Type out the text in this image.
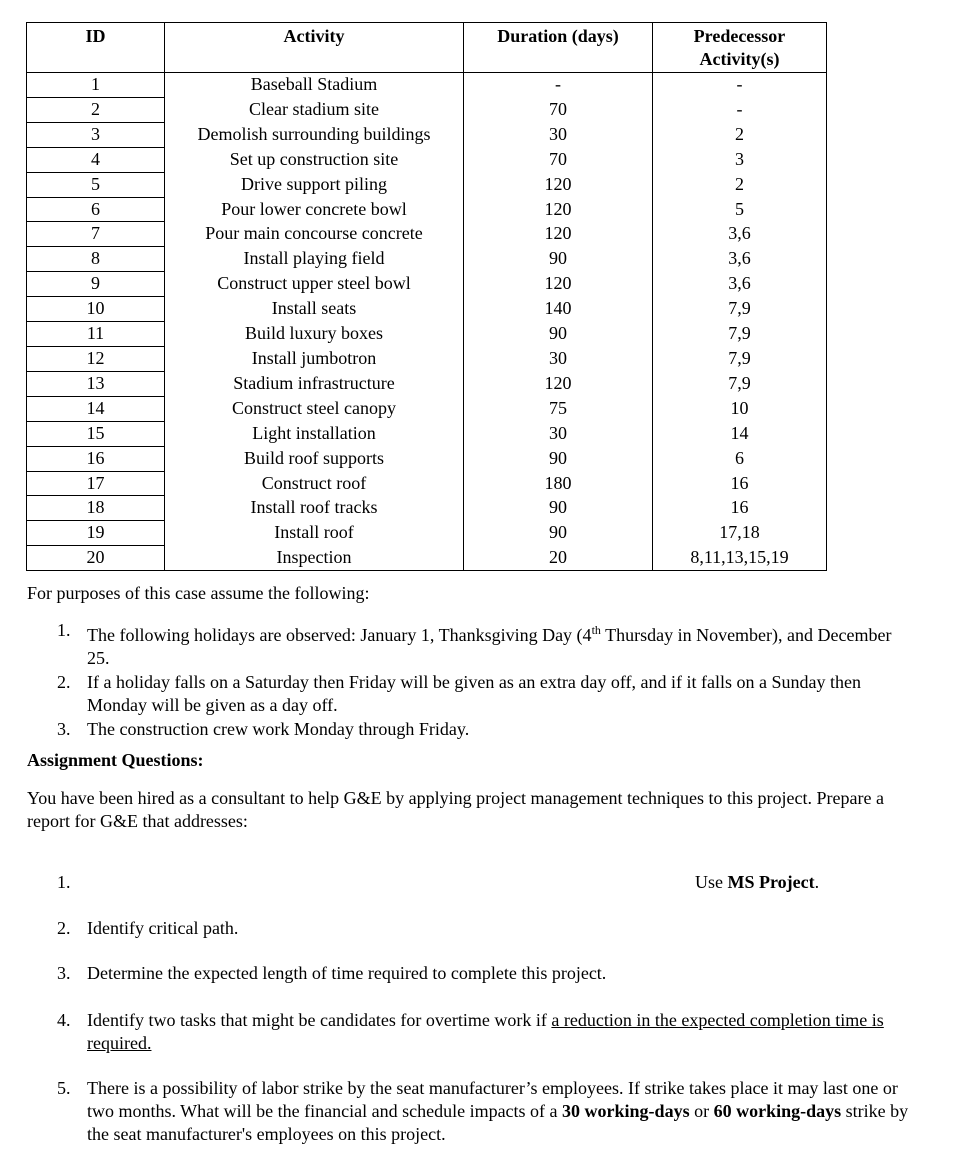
ID	Activity	Duration (days)	Predecessor Activity(s)
1	Baseball Stadium	-	-
2	Clear stadium site	70	-
3	Demolish surrounding buildings	30	2
4	Set up construction site	70	3
5	Drive support piling	120	2
6	Pour lower concrete bowl	120	5
7	Pour main concourse concrete	120	3,6
8	Install playing field	90	3,6
9	Construct upper steel bowl	120	3,6
10	Install seats	140	7,9
11	Build luxury boxes	90	7,9
12	Install jumbotron	30	7,9
13	Stadium infrastructure	120	7,9
14	Construct steel canopy	75	10
15	Light installation	30	14
16	Build roof supports	90	6
17	Construct roof	180	16
18	Install roof tracks	90	16
19	Install roof	90	17,18
20	Inspection	20	8,11,13,15,19

For purposes of this case assume the following:

1. The following holidays are observed: January 1, Thanksgiving Day (4th Thursday in November), and December 25.
2. If a holiday falls on a Saturday then Friday will be given as an extra day off, and if it falls on a Sunday then Monday will be given as a day off.
3. The construction crew work Monday through Friday.

Assignment Questions:

You have been hired as a consultant to help G&E by applying project management techniques to this project. Prepare a report for G&E that addresses:

1.	Use MS Project.
2. Identify critical path.
3. Determine the expected length of time required to complete this project.
4. Identify two tasks that might be candidates for overtime work if a reduction in the expected completion time is required.
5. There is a possibility of labor strike by the seat manufacturer’s employees. If strike takes place it may last one or two months. What will be the financial and schedule impacts of a 30 working-days or 60 working-days strike by the seat manufacturer's employees on this project.
